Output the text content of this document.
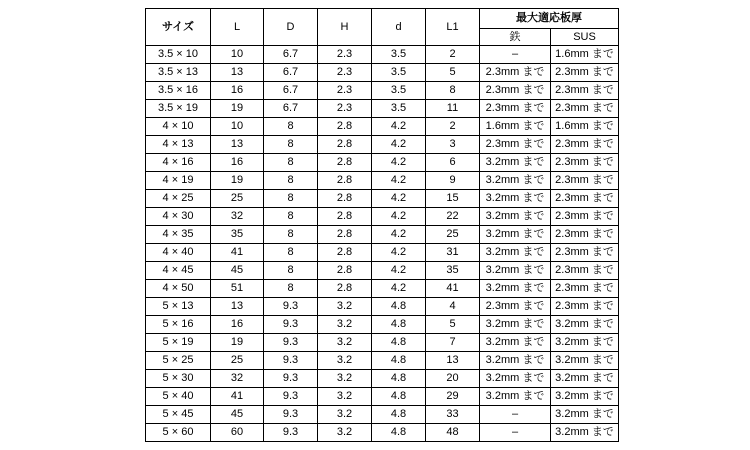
サイズ	L	D	H	d	L1	最大適応板厚	
						鉄	SUS
3.5 × 10	10	6.7	2.3	3.5	2	–	1.6mm まで
3.5 × 13	13	6.7	2.3	3.5	5	2.3mm まで	2.3mm まで
3.5 × 16	16	6.7	2.3	3.5	8	2.3mm まで	2.3mm まで
3.5 × 19	19	6.7	2.3	3.5	11	2.3mm まで	2.3mm まで
4 × 10	10	8	2.8	4.2	2	1.6mm まで	1.6mm まで
4 × 13	13	8	2.8	4.2	3	2.3mm まで	2.3mm まで
4 × 16	16	8	2.8	4.2	6	3.2mm まで	2.3mm まで
4 × 19	19	8	2.8	4.2	9	3.2mm まで	2.3mm まで
4 × 25	25	8	2.8	4.2	15	3.2mm まで	2.3mm まで
4 × 30	32	8	2.8	4.2	22	3.2mm まで	2.3mm まで
4 × 35	35	8	2.8	4.2	25	3.2mm まで	2.3mm まで
4 × 40	41	8	2.8	4.2	31	3.2mm まで	2.3mm まで
4 × 45	45	8	2.8	4.2	35	3.2mm まで	2.3mm まで
4 × 50	51	8	2.8	4.2	41	3.2mm まで	2.3mm まで
5 × 13	13	9.3	3.2	4.8	4	2.3mm まで	2.3mm まで
5 × 16	16	9.3	3.2	4.8	5	3.2mm まで	3.2mm まで
5 × 19	19	9.3	3.2	4.8	7	3.2mm まで	3.2mm まで
5 × 25	25	9.3	3.2	4.8	13	3.2mm まで	3.2mm まで
5 × 30	32	9.3	3.2	4.8	20	3.2mm まで	3.2mm まで
5 × 40	41	9.3	3.2	4.8	29	3.2mm まで	3.2mm まで
5 × 45	45	9.3	3.2	4.8	33	–	3.2mm まで
5 × 60	60	9.3	3.2	4.8	48	–	3.2mm まで
